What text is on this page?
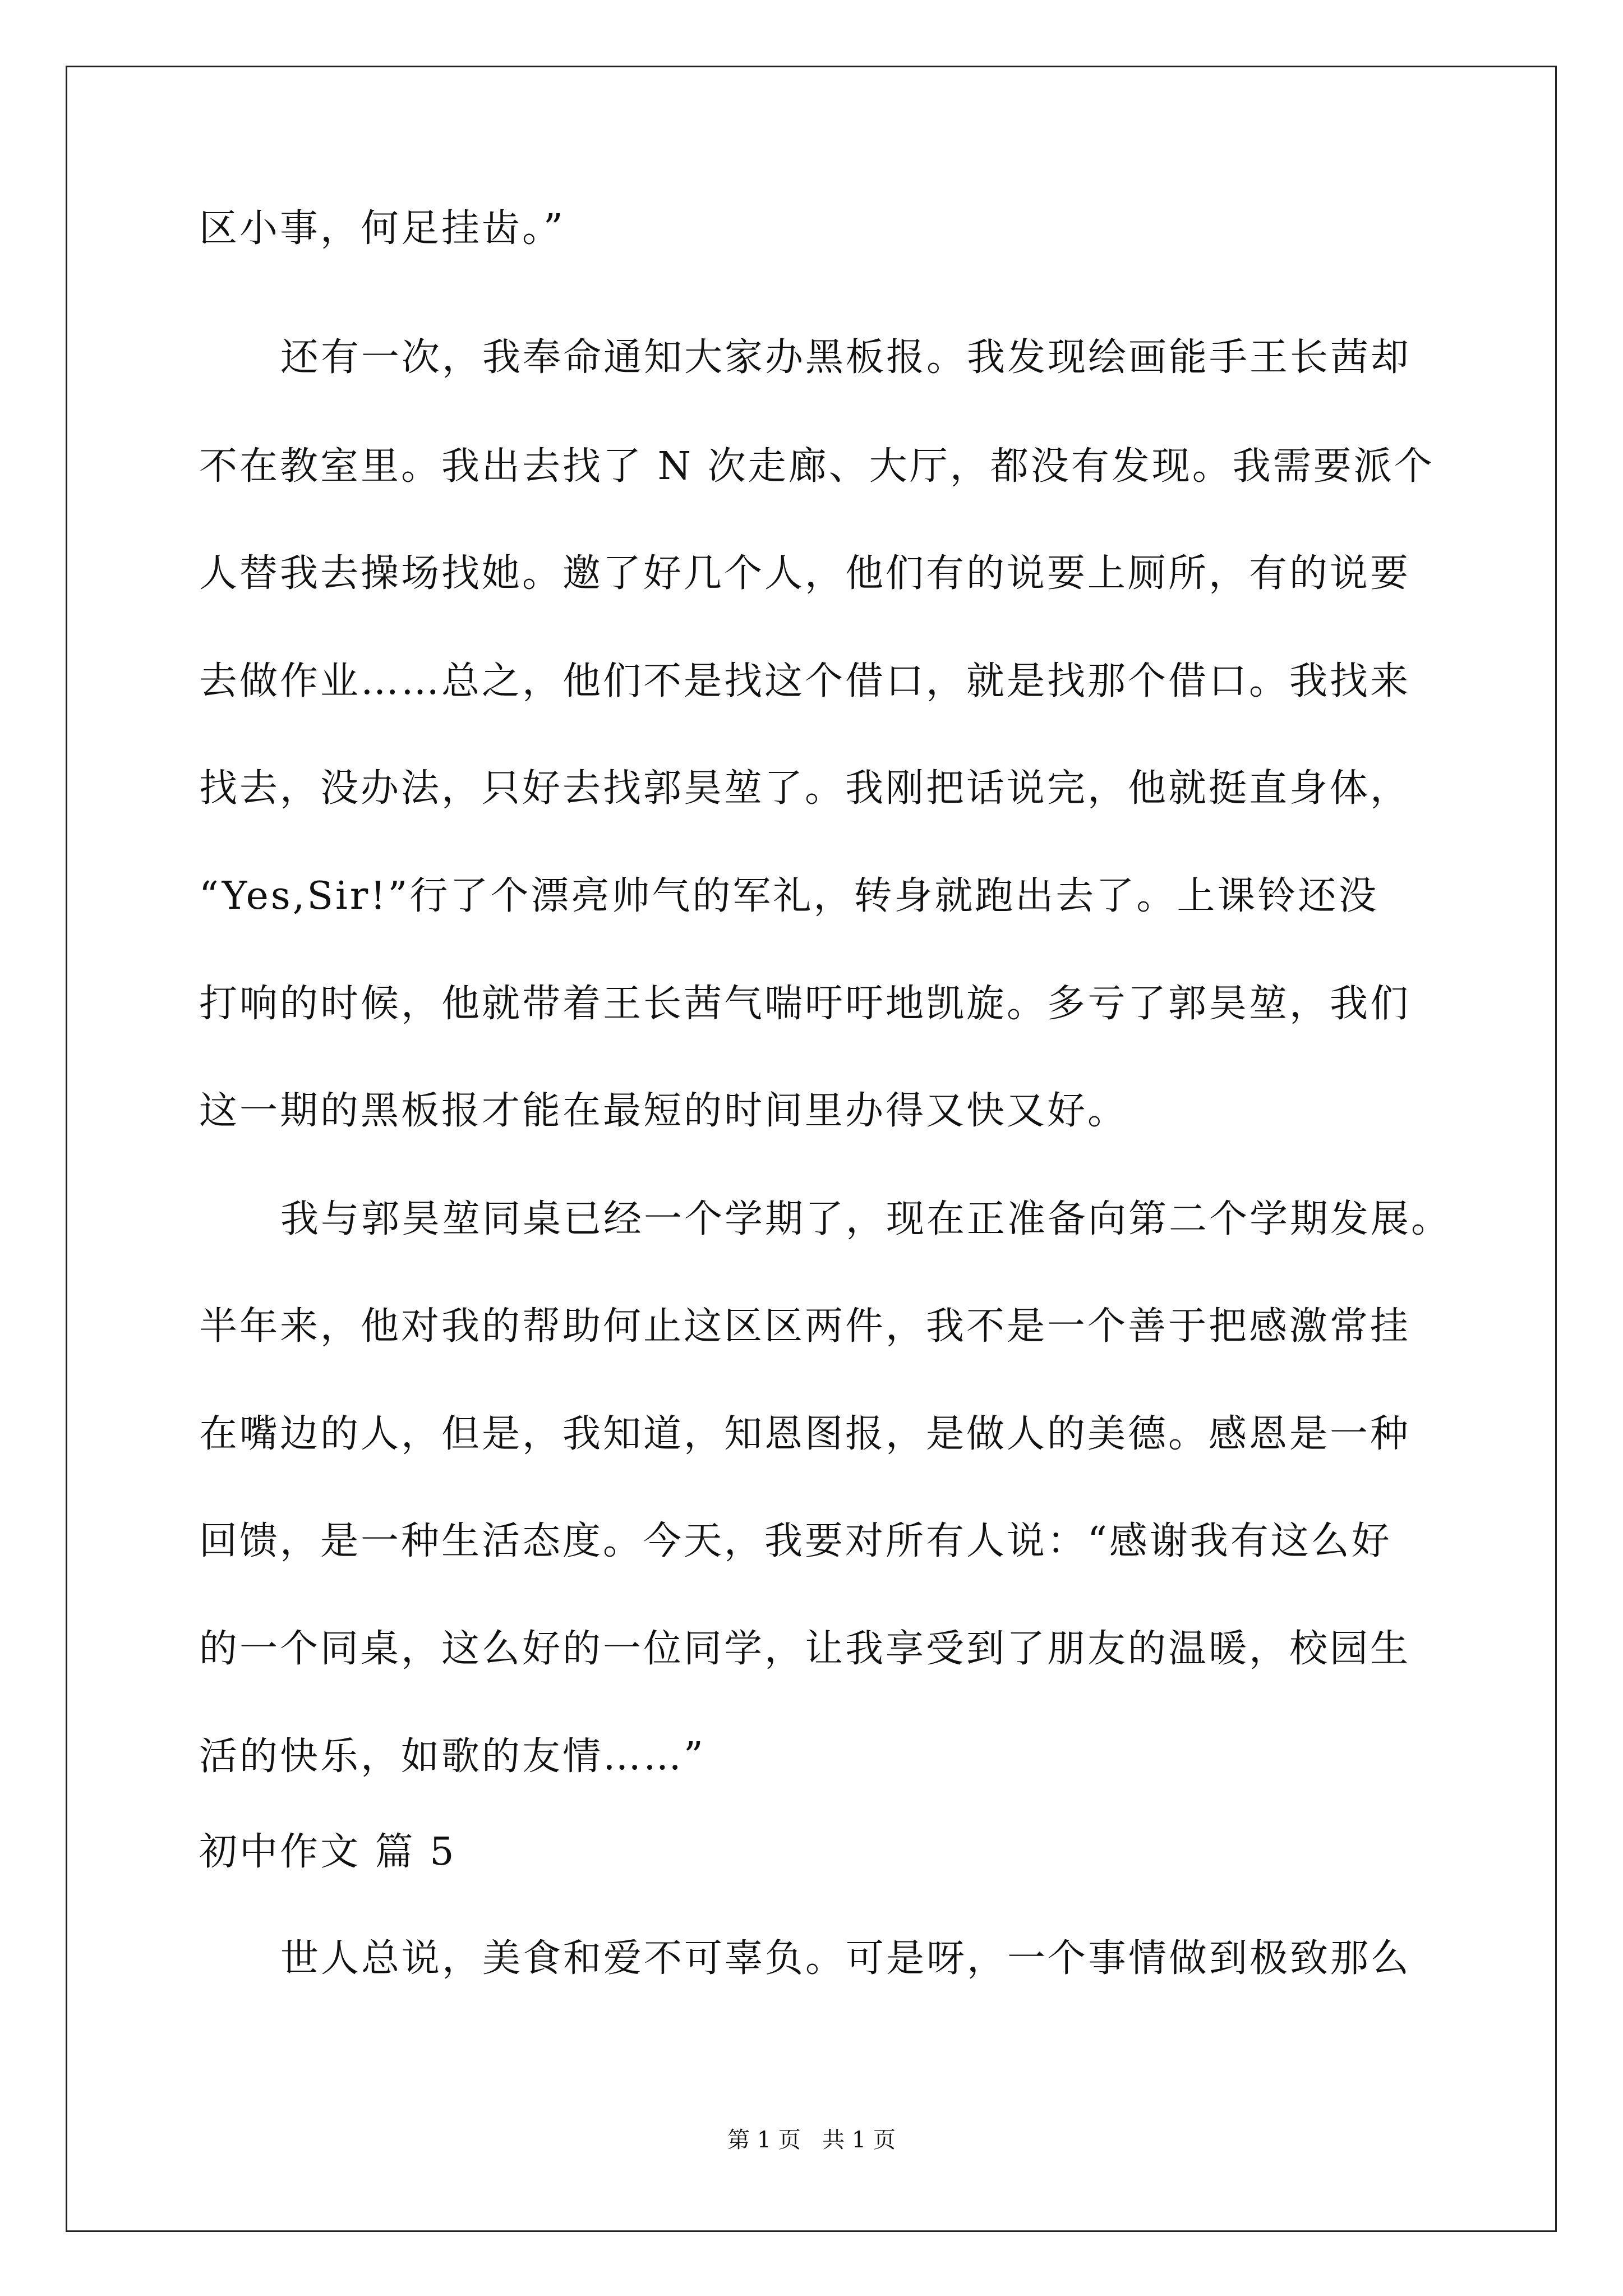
区小事，何足挂齿。”
还有一次，我奉命通知大家办黑板报。我发现绘画能手王长茜却
不在教室里。我出去找了 N 次走廊、大厅，都没有发现。我需要派个
人替我去操场找她。邀了好几个人，他们有的说要上厕所，有的说要
去做作业……总之，他们不是找这个借口，就是找那个借口。我找来
找去，没办法，只好去找郭昊堃了。我刚把话说完，他就挺直身体，
“Yes,Sir!”行了个漂亮帅气的军礼，转身就跑出去了。上课铃还没
打响的时候，他就带着王长茜气喘吁吁地凯旋。多亏了郭昊堃，我们
这一期的黑板报才能在最短的时间里办得又快又好。
我与郭昊堃同桌已经一个学期了，现在正准备向第二个学期发展。
半年来，他对我的帮助何止这区区两件，我不是一个善于把感激常挂
在嘴边的人，但是，我知道，知恩图报，是做人的美德。感恩是一种
回馈，是一种生活态度。今天，我要对所有人说：“感谢我有这么好
的一个同桌，这么好的一位同学，让我享受到了朋友的温暖，校园生
活的快乐，如歌的友情……”
初中作文 篇 5
世人总说，美食和爱不可辜负。可是呀，一个事情做到极致那么
第 1 页   共 1 页
